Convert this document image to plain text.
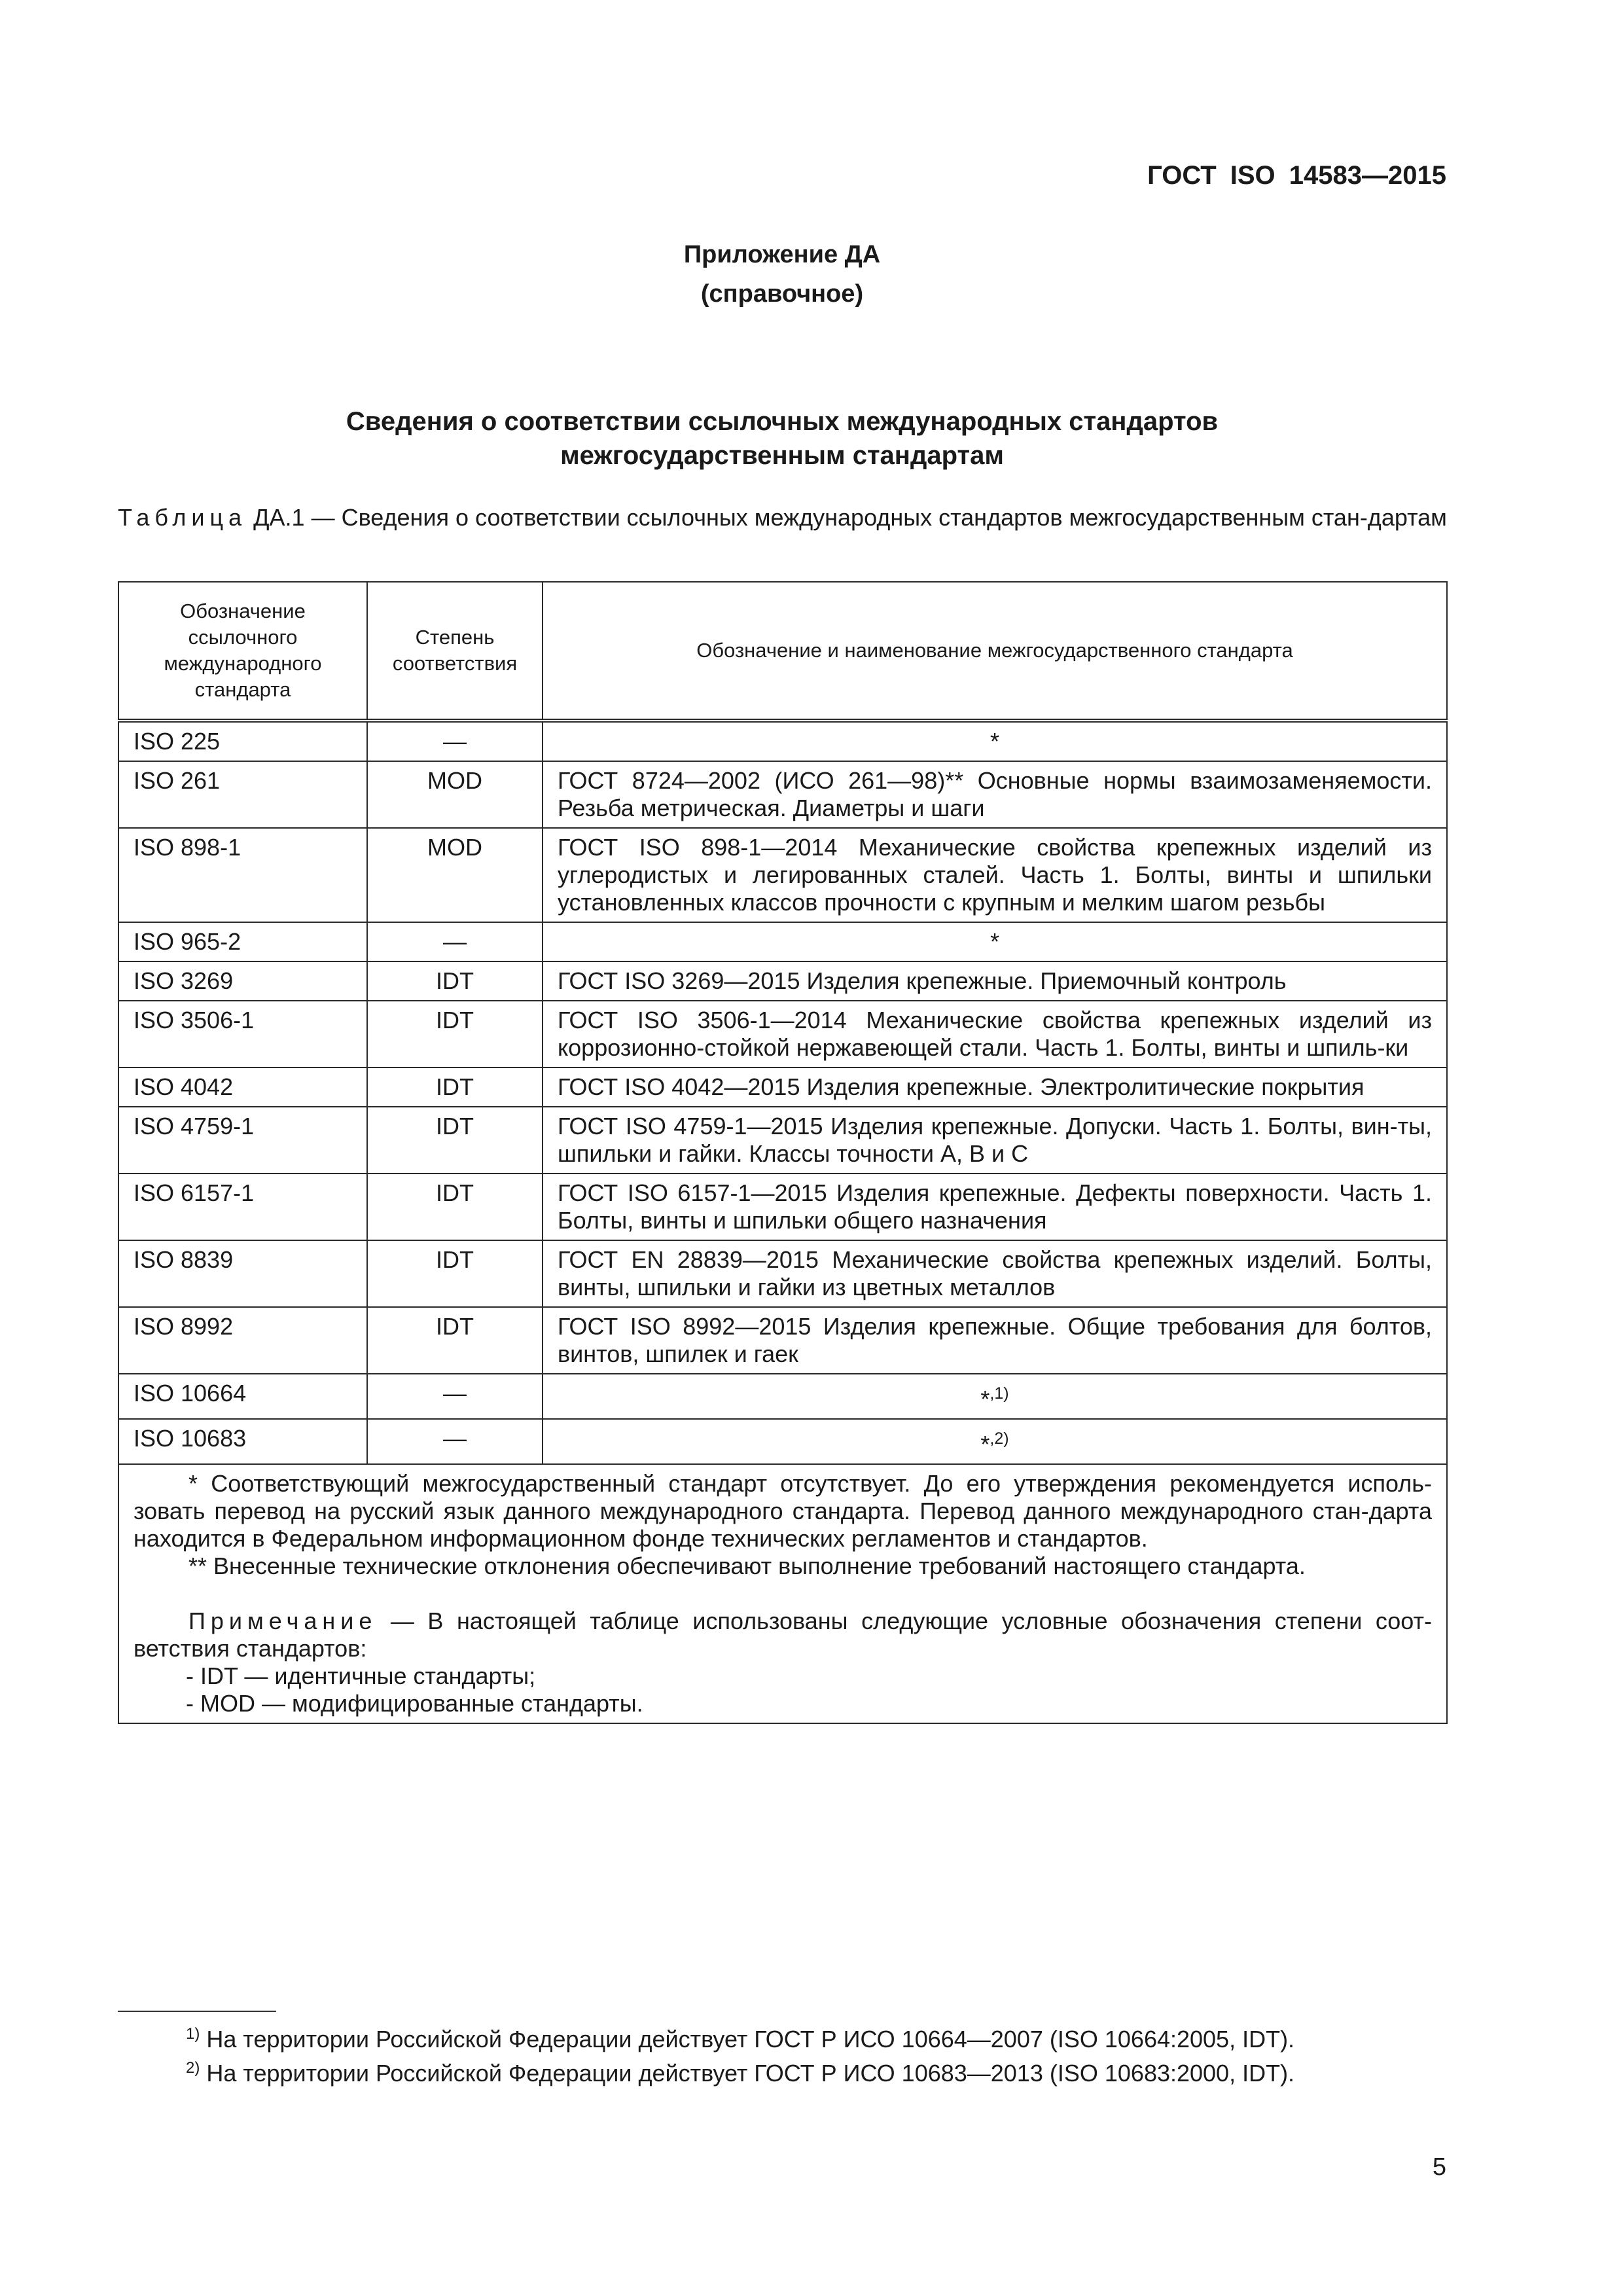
ГОСТ ISO 14583—2015
Приложение ДА
(справочное)
Сведения о соответствии ссылочных международных стандартов
межгосударственным стандартам
Таблица ДА.1 — Сведения о соответствии ссылочных международных стандартов межгосударственным стан-дартам
Обозначение ссылочного международного стандарта	Степень соответствия	Обозначение и наименование межгосударственного стандарта
ISO 225	—	*
ISO 261	MOD	ГОСТ 8724—2002 (ИСО 261—98)** Основные нормы взаимозаменяемости. Резьба метрическая. Диаметры и шаги
ISO 898-1	MOD	ГОСТ ISO 898-1—2014 Механические свойства крепежных изделий из углеродистых и легированных сталей. Часть 1. Болты, винты и шпильки установленных классов прочности с крупным и мелким шагом резьбы
ISO 965-2	—	*
ISO 3269	IDT	ГОСТ ISO 3269—2015 Изделия крепежные. Приемочный контроль
ISO 3506-1	IDT	ГОСТ ISO 3506-1—2014 Механические свойства крепежных изделий из коррозионно-стойкой нержавеющей стали. Часть 1. Болты, винты и шпиль-ки
ISO 4042	IDT	ГОСТ ISO 4042—2015 Изделия крепежные. Электролитические покрытия
ISO 4759-1	IDT	ГОСТ ISO 4759-1—2015 Изделия крепежные. Допуски. Часть 1. Болты, вин-ты, шпильки и гайки. Классы точности А, В и С
ISO 6157-1	IDT	ГОСТ ISO 6157-1—2015 Изделия крепежные. Дефекты поверхности. Часть 1. Болты, винты и шпильки общего назначения
ISO 8839	IDT	ГОСТ EN 28839—2015 Механические свойства крепежных изделий. Болты, винты, шпильки и гайки из цветных металлов
ISO 8992	IDT	ГОСТ ISO 8992—2015 Изделия крепежные. Общие требования для болтов, винтов, шпилек и гаек
ISO 10664	—	*$^{,1)}$
ISO 10683	—	*$^{,2)}$

* Соответствующий межгосударственный стандарт отсутствует. До его утверждения рекомендуется исполь-зовать перевод на русский язык данного международного стандарта. Перевод данного международного стан-дарта находится в Федеральном информационном фонде технических регламентов и стандартов.

** Внесенные технические отклонения обеспечивают выполнение требований настоящего стандарта.

Примечание — В настоящей таблице использованы следующие условные обозначения степени соот-ветствия стандартов:

- IDT — идентичные стандарты;

- MOD — модифицированные стандарты.		

$^{1)}$ На территории Российской Федерации действует ГОСТ Р ИСО 10664—2007 (ISO 10664:2005, IDT).
$^{2)}$ На территории Российской Федерации действует ГОСТ Р ИСО 10683—2013 (ISO 10683:2000, IDT).
5
